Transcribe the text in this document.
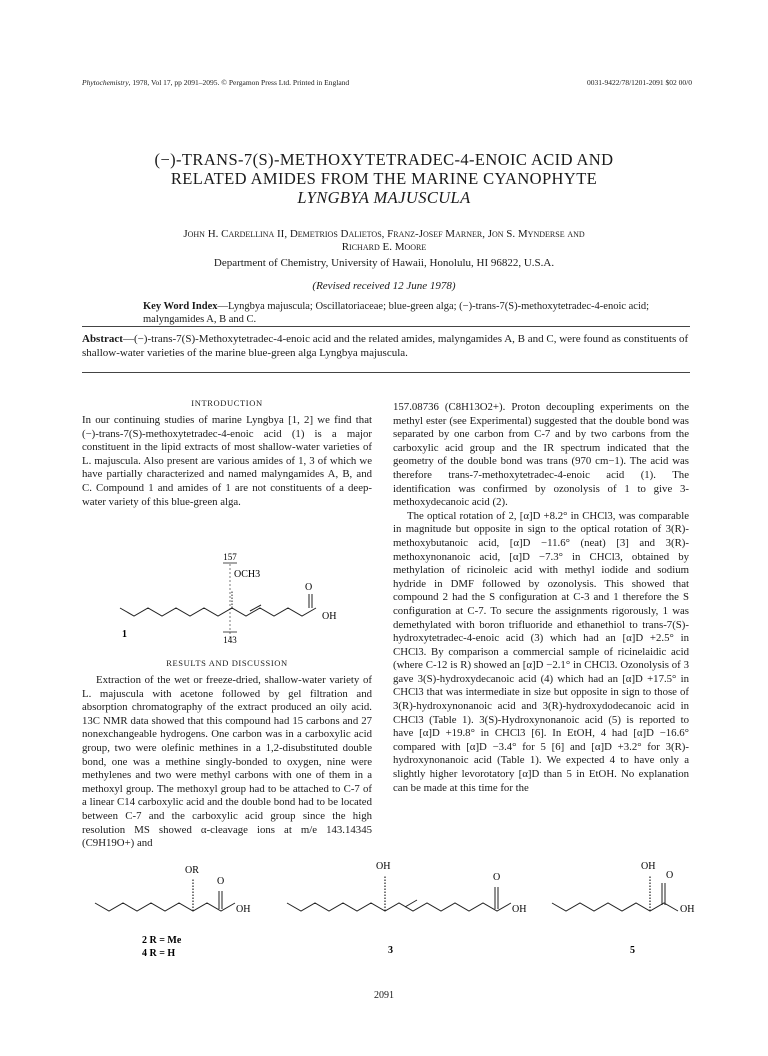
Phytochemistry, 1978, Vol 17, pp 2091–2095. © Pergamon Press Ltd. Printed in England	0031-9422/78/1201-2091 $02 00/0
(−)-TRANS-7(S)-METHOXYTETRADEC-4-ENOIC ACID AND
RELATED AMIDES FROM THE MARINE CYANOPHYTE
LYNGBYA MAJUSCULA
John H. Cardellina II, Demetrios Dalietos, Franz-Josef Marner, Jon S. Mynderse and
Richard E. Moore
Department of Chemistry, University of Hawaii, Honolulu, HI 96822, U.S.A.
(Revised received 12 June 1978)
Key Word Index—Lyngbya majuscula; Oscillatoriaceae; blue-green alga; (−)-trans-7(S)-methoxytetradec-4-enoic acid; malyngamides A, B and C.
Abstract—(−)-trans-7(S)-Methoxytetradec-4-enoic acid and the related amides, malyngamides A, B and C, were found as constituents of shallow-water varieties of the marine blue-green alga Lyngbya majuscula.
INTRODUCTION

In our continuing studies of marine Lyngbya [1, 2] we find that (−)-trans-7(S)-methoxytetradec-4-enoic acid (1) is a major constituent in the lipid extracts of most shallow-water varieties of L. majuscula. Also present are various amides of 1, 3 of which we have partially characterized and named malyngamides A, B, and C. Compound 1 and amides of 1 are not constituents of a deep-water variety of this blue-green alga.

157
OCH3
O
OH
1	143
RESULTS AND DISCUSSION

Extraction of the wet or freeze-dried, shallow-water variety of L. majuscula with acetone followed by gel filtration and absorption chromatography of the extract produced an oily acid. 13C NMR data showed that this compound had 15 carbons and 27 nonexchangeable hydrogens. One carbon was in a carboxylic acid group, two were olefinic methines in a 1,2-disubstituted double bond, one was a methine singly-bonded to oxygen, nine were methylenes and two were methyl carbons with one of them in a methoxyl group. The methoxyl group had to be attached to C-7 of a linear C14 carboxylic acid and the double bond had to be located between C-7 and the carboxylic acid group since the high resolution MS showed α-cleavage ions at m/e 143.14345 (C9H19O+) and

157.08736 (C8H13O2+). Proton decoupling experiments on the methyl ester (see Experimental) suggested that the double bond was separated by one carbon from C-7 and by two carbons from the carboxylic acid group and the IR spectrum indicated that the geometry of the double bond was trans (970 cm−1). The acid was therefore trans-7-methoxytetradec-4-enoic acid (1). The identification was confirmed by ozonolysis of 1 to give 3-methoxydecanoic acid (2).

The optical rotation of 2, [α]D +8.2° in CHCl3, was comparable in magnitude but opposite in sign to the optical rotation of 3(R)-methoxybutanoic acid, [α]D −11.6° (neat) [3] and 3(R)-methoxynonanoic acid, [α]D −7.3° in CHCl3, obtained by methylation of ricinoleic acid with methyl iodide and sodium hydride in DMF followed by ozonolysis. This showed that compound 2 had the S configuration at C-3 and 1 therefore the S configuration at C-7. To secure the assignments rigorously, 1 was demethylated with boron trifluoride and ethanethiol to trans-7(S)-hydroxytetradec-4-enoic acid (3) which had an [α]D +2.5° in CHCl3. By comparison a commercial sample of ricinelaidic acid (where C-12 is R) showed an [α]D −2.1° in CHCl3. Ozonolysis of 3 gave 3(S)-hydroxydecanoic acid (4) which had an [α]D +17.5° in CHCl3 that was intermediate in size but opposite in sign to those of 3(R)-hydroxynonanoic acid and 3(R)-hydroxydodecanoic acid in CHCl3 (Table 1). 3(S)-Hydroxynonanoic acid (5) is reported to have [α]D +19.8° in CHCl3 [6]. In EtOH, 4 had [α]D −16.6° compared with [α]D −3.4° for 5 [6] and [α]D +3.2° for 3(R)-hydroxynonanoic acid (Table 1). We expected 4 to have only a slightly higher levorotatory [α]D than 5 in EtOH. No explanation can be made at this time for the

OR
O
OH
2 R = Me
4 R = H
OH
O
OH
3
OH
O
OH
5
2091
